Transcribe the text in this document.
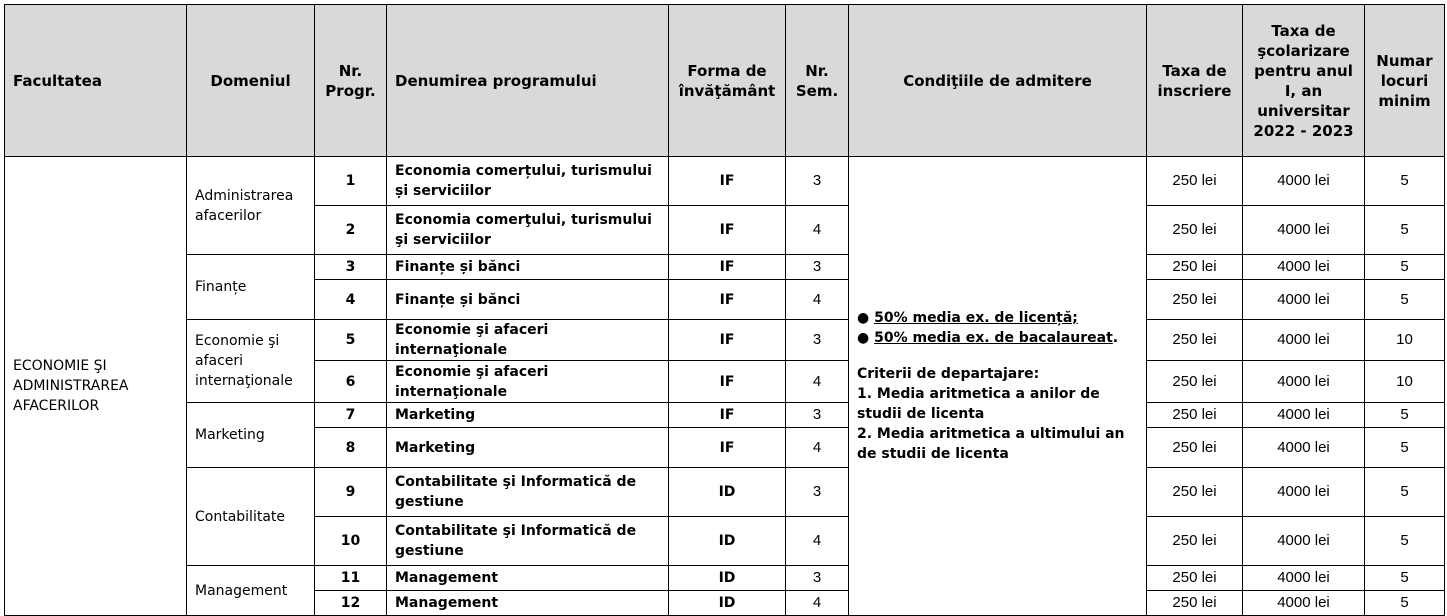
Facultatea	Domeniul	Nr. Progr.	Denumirea programului	Forma de învăţământ	Nr. Sem.	Condiţiile de admitere	Taxa de inscriere	Taxa de şcolarizare pentru anul I, an universitar 2022 - 2023	Numar locuri minim
ECONOMIE ŞI ADMINISTRAREA AFACERILOR	Administrarea afacerilor	1	Economia comerțului, turismului și serviciilor	IF	3	● 50% media ex. de licență;

● 50% media ex. de bacalaureat.

Criterii de departajare:

1. Media aritmetica a anilor de studii de licenta

2. Media aritmetica a ultimului an de studii de licenta	250 lei	4000 lei	5
		2	Economia comerţului, turismului şi serviciilor	IF	4		250 lei	4000 lei	5
	Finanțe	3	Finanțe și bănci	IF	3		250 lei	4000 lei	5
		4	Finanțe și bănci	IF	4		250 lei	4000 lei	5
	Economie şi afaceri internaţionale	5	Economie şi afaceri internaţionale	IF	3		250 lei	4000 lei	10
		6	Economie şi afaceri internaţionale	IF	4		250 lei	4000 lei	10
	Marketing	7	Marketing	IF	3		250 lei	4000 lei	5
		8	Marketing	IF	4		250 lei	4000 lei	5
	Contabilitate	9	Contabilitate şi Informatică de gestiune	ID	3		250 lei	4000 lei	5
		10	Contabilitate şi Informatică de gestiune	ID	4		250 lei	4000 lei	5
	Management	11	Management	ID	3		250 lei	4000 lei	5
		12	Management	ID	4		250 lei	4000 lei	5
